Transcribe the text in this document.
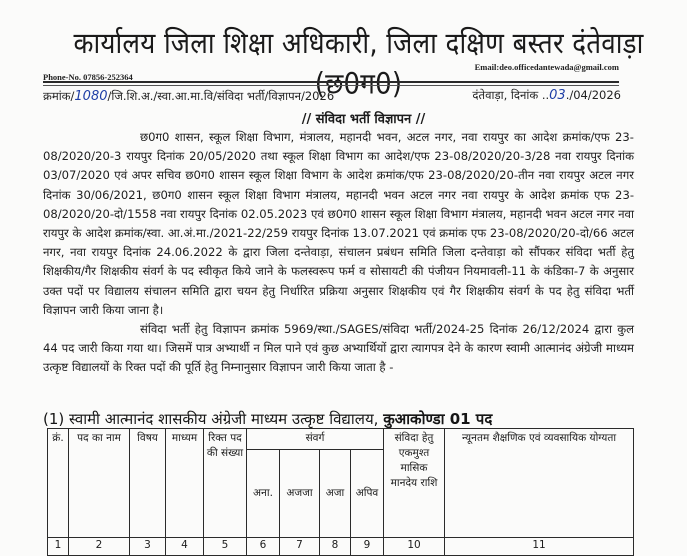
कार्यालय जिला शिक्षा अधिकारी, जिला दक्षिण बस्तर दंतेवाड़ा (छ0ग0)
Email:deo.officedantewada@gmail.com
Phone-No. 07856-252364
क्रमांक/1080/जि.शि.अ./स्वा.आ.मा.वि/संविदा भर्ती/विज्ञापन/2026	दंतेवाड़ा, दिनांक ..03./04/2026
// संविदा भर्ती विज्ञापन //

छ0ग0 शासन, स्कूल शिक्षा विभाग, मंत्रालय, महानदी भवन, अटल नगर, नवा रायपुर का आदेश क्रमांक/एफ 23-08/2020/20-3 रायपुर दिनांक 20/05/2020 तथा स्कूल शिक्षा विभाग का आदेश/एफ 23-08/2020/20-3/28 नवा रायपुर दिनांक 03/07/2020 एवं अपर सचिव छ0ग0 शासन स्कूल शिक्षा विभाग के आदेश क्रमांक/एफ 23-08/2020/20-तीन नवा रायपुर अटल नगर दिनांक 30/06/2021, छ0ग0 शासन स्कूल शिक्षा विभाग मंत्रालय, महानदी भवन अटल नगर नवा रायपुर के आदेश क्रमांक एफ 23-08/2020/20-दो/1558 नवा रायपुर दिनांक 02.05.2023 एवं छ0ग0 शासन स्कूल शिक्षा विभाग मंत्रालय, महानदी भवन अटल नगर नवा रायपुर के आदेश क्रमांक/स्वा. आ.अं.मा./2021-22/259 रायपुर दिनांक 13.07.2021 एवं क्रमांक एफ 23-08/2020/20-दो/66 अटल नगर, नवा रायपुर दिनांक 24.06.2022 के द्वारा जिला दन्तेवाड़ा, संचालन प्रबंधन समिति जिला दन्तेवाड़ा को सौंपकर संविदा भर्ती हेतु शिक्षकीय/गैर शिक्षकीय संवर्ग के पद स्वीकृत किये जाने के फलस्वरूप फर्म व सोसायटी की पंजीयन नियमावली-11 के कंडिका-7 के अनुसार उक्त पदों पर विद्यालय संचालन समिति द्वारा चयन हेतु निर्धारित प्रक्रिया अनुसार शिक्षकीय एवं गैर शिक्षकीय संवर्ग के पद हेतु संविदा भर्ती विज्ञापन जारी किया जाना है।

संविदा भर्ती हेतु विज्ञापन क्रमांक 5969/स्था./SAGES/संविदा भर्ती/2024-25 दिनांक 26/12/2024 द्वारा कुल 44 पद जारी किया गया था। जिसमें पात्र अभ्यार्थी न मिल पाने एवं कुछ अभ्यार्थियों द्वारा त्यागपत्र देने के कारण स्वामी आत्मानंद अंग्रेजी माध्यम उत्कृष्ट विद्यालयों के रिक्त पदों की पूर्ति हेतु निम्नानुसार विज्ञापन जारी किया जाता है -

(1) स्वामी आत्मानंद शासकीय अंग्रेजी माध्यम उत्कृष्ट विद्यालय, कुआकोण्डा 01 पद
क्रं.	पद का नाम	विषय	माध्यम	रिक्त पद की संख्या	संवर्ग				संविदा हेतु एकमुश्त मासिक मानदेय राशि	न्यूनतम शैक्षणिक एवं व्यवसायिक योग्यता
					अना.	अजजा	अजा	अपिव		
1	2	3	4	5	6	7	8	9	10	11
